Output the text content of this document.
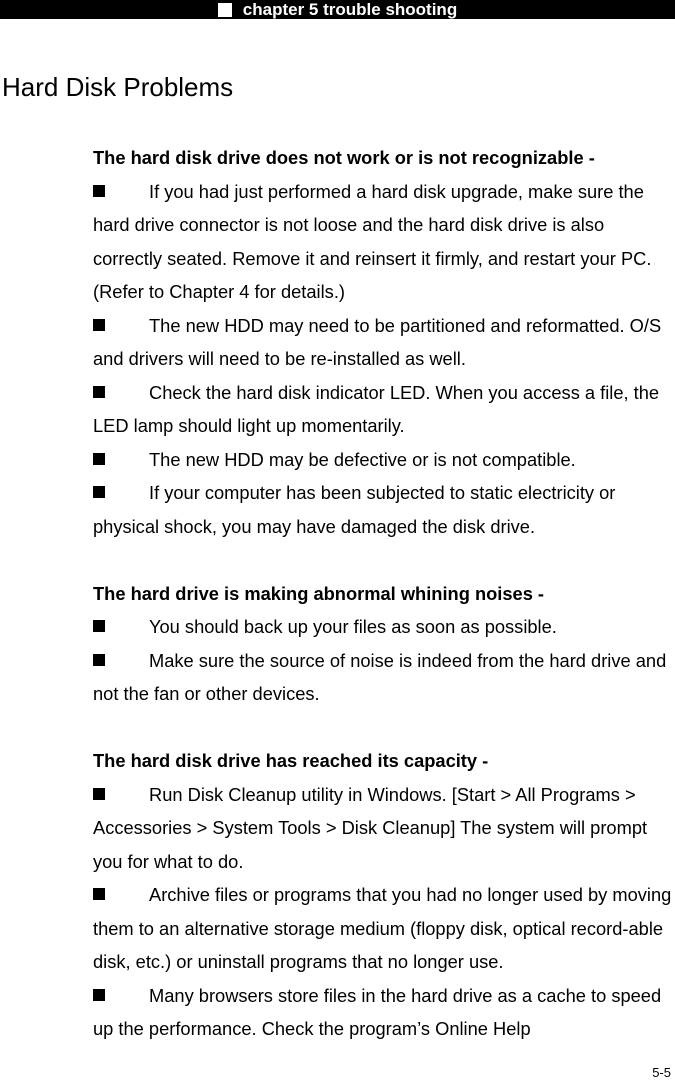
chapter 5 trouble shooting
Hard Disk Problems

The hard disk drive does not work or is not recognizable -

If you had just performed a hard disk upgrade, make sure the hard drive connector is not loose and the hard disk drive is also correctly seated. Remove it and reinsert it firmly, and restart your PC. (Refer to Chapter 4 for details.)

The new HDD may need to be partitioned and reformatted. O/S and drivers will need to be re-installed as well.

Check the hard disk indicator LED. When you access a file, the LED lamp should light up momentarily.

The new HDD may be defective or is not compatible.

If your computer has been subjected to static electricity or physical shock, you may have damaged the disk drive.

The hard drive is making abnormal whining noises -

You should back up your files as soon as possible.

Make sure the source of noise is indeed from the hard drive and not the fan or other devices.

The hard disk drive has reached its capacity -

Run Disk Cleanup utility in Windows. [Start > All Programs > Accessories > System Tools > Disk Cleanup] The system will prompt you for what to do.

Archive files or programs that you had no longer used by moving them to an alternative storage medium (floppy disk, optical record-able disk, etc.) or uninstall programs that no longer use.

Many browsers store files in the hard drive as a cache to speed up the performance. Check the program’s Online Help

5-5
